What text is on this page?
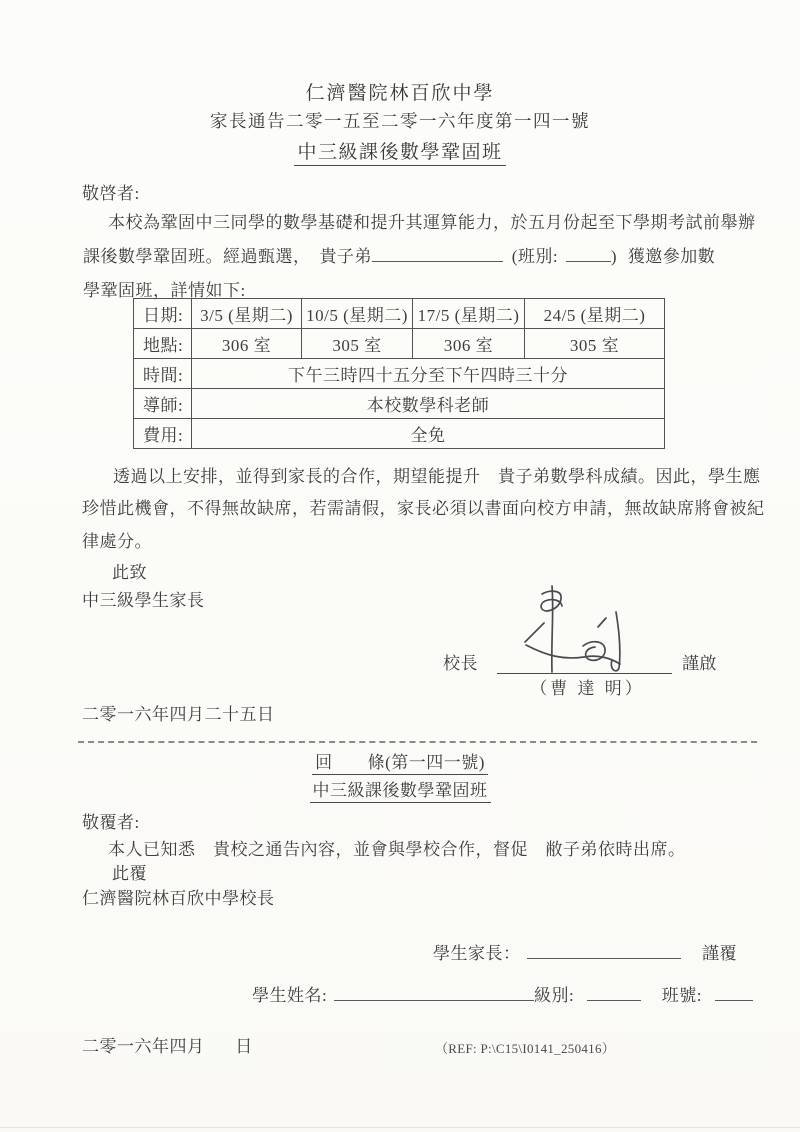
仁濟醫院林百欣中學
家長通告二零一五至二零一六年度第一四一號
中三級課後數學鞏固班
敬啓者:
本校為鞏固中三同學的數學基礎和提升其運算能力，於五月份起至下學期考試前舉辦
課後數學鞏固班。經過甄選，　貴子弟	(班別:	) 獲邀參加數
學鞏固班，詳情如下:
日期:	3/5 (星期二)	10/5 (星期二)	17/5 (星期二)	24/5 (星期二)
地點:	306 室	305 室	306 室	305 室
時間:	下午三時四十五分至下午四時三十分			
導師:	本校數學科老師			
費用:	全免			
透過以上安排，並得到家長的合作，期望能提升　貴子弟數學科成績。因此，學生應
珍惜此機會，不得無故缺席，若需請假，家長必須以書面向校方申請，無故缺席將會被紀
律處分。
此致
中三級學生家長
校長	謹啟
（曹 達 明）
二零一六年四月二十五日
回　　條(第一四一號)
中三級課後數學鞏固班
敬覆者:
本人已知悉　貴校之通告內容，並會與學校合作，督促　敝子弟依時出席。
此覆
仁濟醫院林百欣中學校長
學生家長：	謹覆
學生姓名:	級別:	班號:
二零一六年四月 日	（REF: P:\C15\I0141_250416）
